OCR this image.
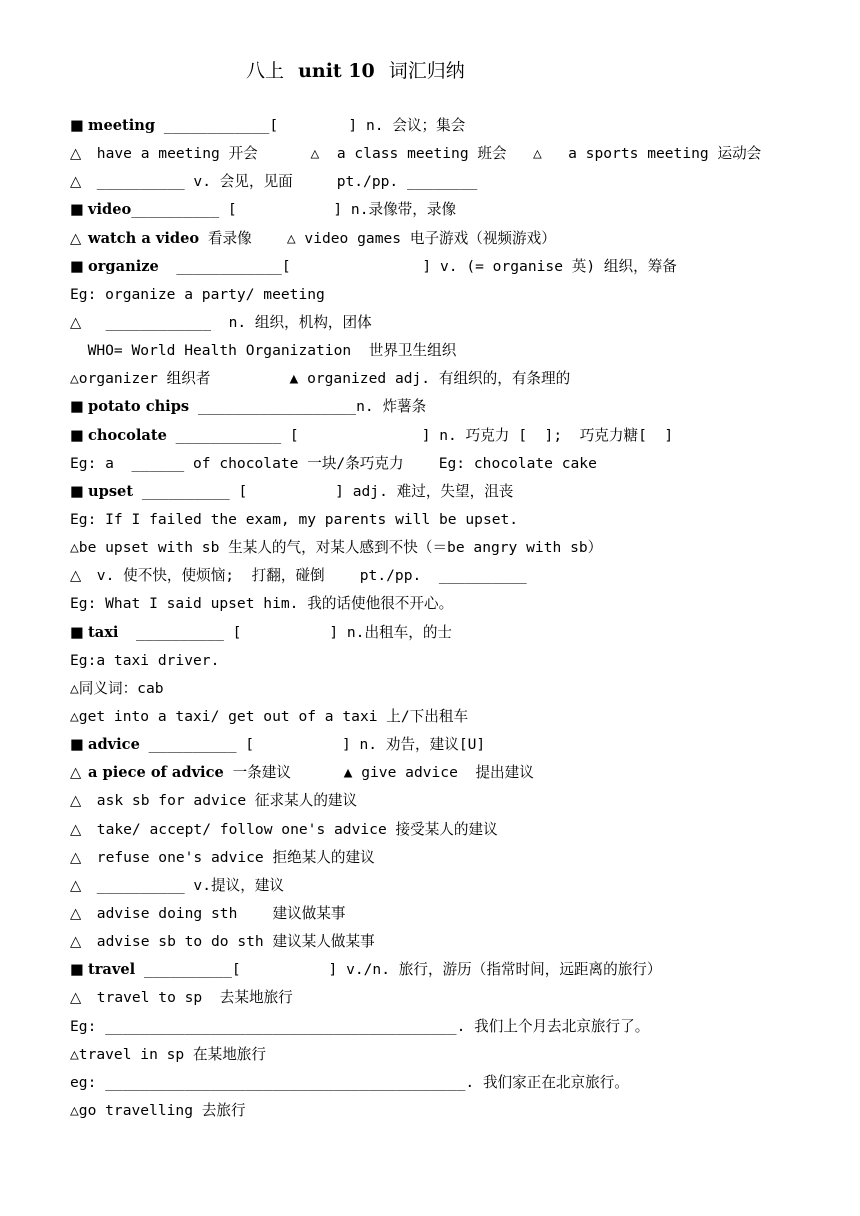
八上 unit 10 词汇归纳
■ meeting ____________[        ] n. 会议；集会
△ have a meeting 开会      △  a class meeting 班会   △   a sports meeting 运动会
△ __________ v. 会见，见面     pt./pp. ________
■ video__________ [           ] n.录像带，录像
△ watch a video 看录像    △ video games 电子游戏（视频游戏）
■ organize  ____________[               ] v. (= organise 英) 组织，筹备
Eg: organize a party/ meeting
△  ____________  n. 组织，机构，团体
WHO= World Health Organization  世界卫生组织
△organizer 组织者         ▲ organized adj. 有组织的，有条理的
■ potato chips __________________n. 炸薯条
■ chocolate ____________ [              ] n. 巧克力 [  ];  巧克力糖[  ]
Eg: a  ______ of chocolate 一块/条巧克力    Eg: chocolate cake
■ upset __________ [          ] adj. 难过，失望，沮丧
Eg: If I failed the exam, my parents will be upset.
△be upset with sb 生某人的气，对某人感到不快（＝be angry with sb）
△ v. 使不快，使烦恼;  打翻，碰倒    pt./pp.  __________
Eg: What I said upset him. 我的话使他很不开心。
■ taxi  __________ [          ] n.出租车，的士
Eg:a taxi driver.
△同义词：cab
△get into a taxi/ get out of a taxi 上/下出租车
■ advice __________ [          ] n. 劝告，建议[U]
△ a piece of advice 一条建议      ▲ give advice  提出建议
△ ask sb for advice 征求某人的建议
△ take/ accept/ follow one's advice 接受某人的建议
△ refuse one's advice 拒绝某人的建议
△ __________ v.提议，建议
△ advise doing sth    建议做某事
△ advise sb to do sth 建议某人做某事
■ travel __________[          ] v./n. 旅行，游历（指常时间，远距离的旅行）
△ travel to sp  去某地旅行
Eg: ________________________________________. 我们上个月去北京旅行了。
△travel in sp 在某地旅行
eg: _________________________________________. 我们家正在北京旅行。
△go travelling 去旅行
